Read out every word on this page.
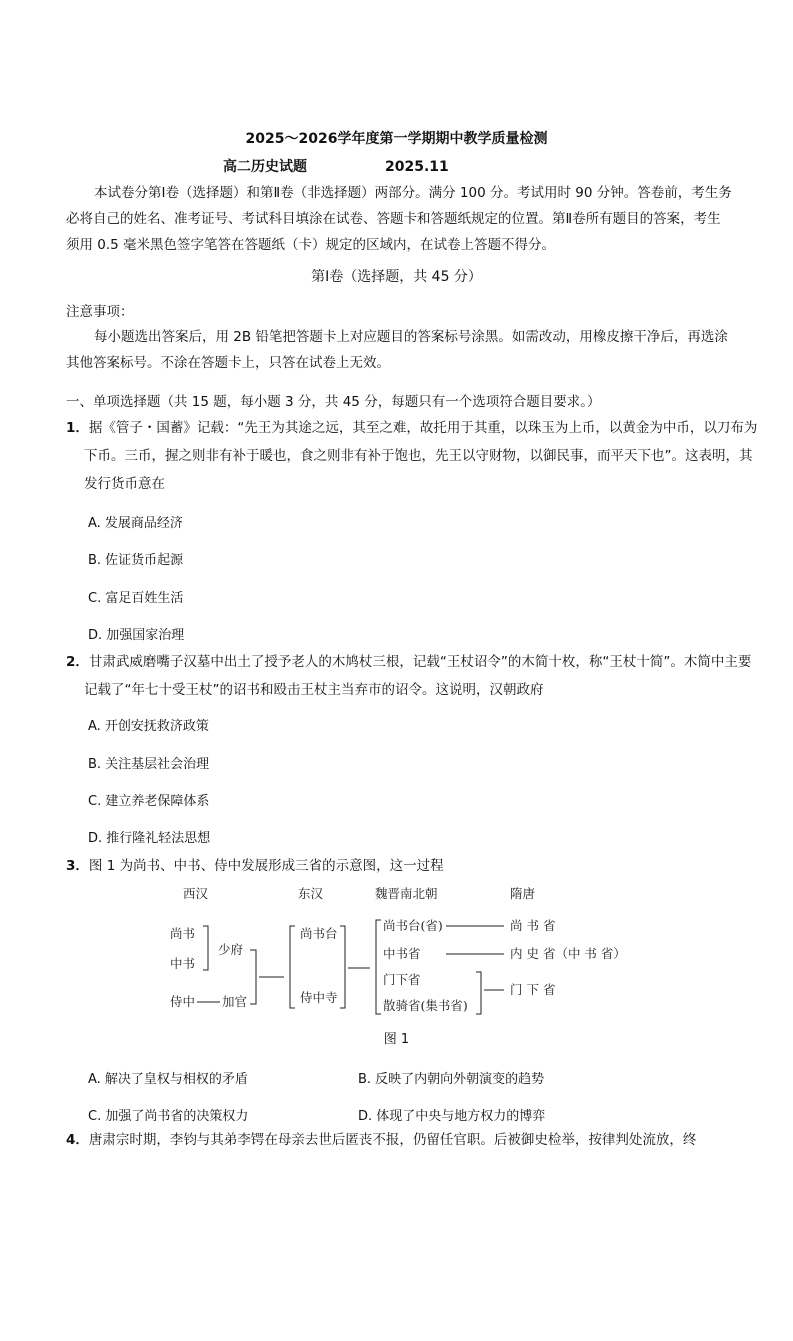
2025～2026学年度第一学期期中教学质量检测
高二历史试题	2025.11
本试卷分第Ⅰ卷（选择题）和第Ⅱ卷（非选择题）两部分。满分 100 分。考试用时 90 分钟。答卷前，考生务必将自己的姓名、准考证号、考试科目填涂在试卷、答题卡和答题纸规定的位置。第Ⅱ卷所有题目的答案，考生须用 0.5 毫米黑色签字笔答在答题纸（卡）规定的区域内，在试卷上答题不得分。
第Ⅰ卷（选择题，共 45 分）
注意事项：
每小题选出答案后，用 2B 铅笔把答题卡上对应题目的答案标号涂黑。如需改动，用橡皮擦干净后，再选涂其他答案标号。不涂在答题卡上，只答在试卷上无效。
一、单项选择题（共 15 题，每小题 3 分，共 45 分，每题只有一个选项符合题目要求。）
1．据《管子・国蓄》记载：“先王为其途之远，其至之难，故托用于其重，以珠玉为上币，以黄金为中币，以刀布为下币。三币，握之则非有补于暖也，食之则非有补于饱也，先王以守财物，以御民事，而平天下也”。这表明，其发行货币意在
A. 发展商品经济
B. 佐证货币起源
C. 富足百姓生活
D. 加强国家治理
2．甘肃武威磨嘴子汉墓中出土了授予老人的木鸠杖三根，记载“王杖诏令”的木简十枚，称“王杖十简”。木简中主要记载了“年七十受王杖”的诏书和殴击王杖主当弃市的诏令。这说明，汉朝政府
A. 开创安抚救济政策
B. 关注基层社会治理
C. 建立养老保障体系
D. 推行隆礼轻法思想
3．图 1 为尚书、中书、侍中发展形成三省的示意图，这一过程
西汉	东汉	魏晋南北朝	隋唐
尚书
中书
侍中
少府
加官
尚书台
侍中寺
尚书台(省)
中书省
门下省
散骑省(集书省)
尚 书 省
内 史 省（中 书 省）
门 下 省
图 1
A. 解决了皇权与相权的矛盾	B. 反映了内朝向外朝演变的趋势
C. 加强了尚书省的决策权力	D. 体现了中央与地方权力的博弈
4．唐肃宗时期，李钧与其弟李锷在母亲去世后匿丧不报，仍留任官职。后被御史检举，按律判处流放，终
